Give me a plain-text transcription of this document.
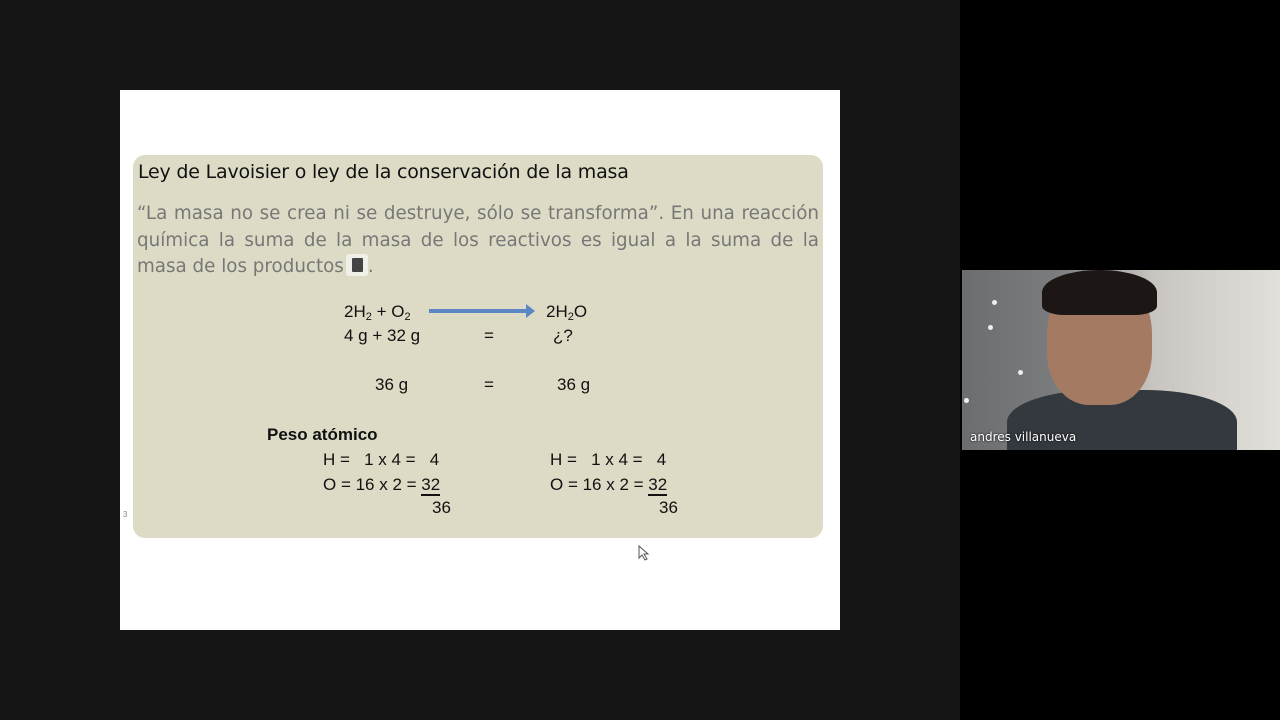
Ley de Lavoisier o ley de la conservación de la masa
“La masa no se crea ni se destruye, sólo se transforma”. En una reacción química la suma de la masa de los reactivos es igual a la suma de la masa de los productos .
$2H_2 + O_2$	$2H_2O$
4 g + 32 g	=	¿?
36 g	=	36 g
Peso atómico
H =   1 x 4 =   4
O = 16 x 2 = 32
36
H =   1 x 4 =   4
O = 16 x 2 = 32
36
3
andres villanueva
